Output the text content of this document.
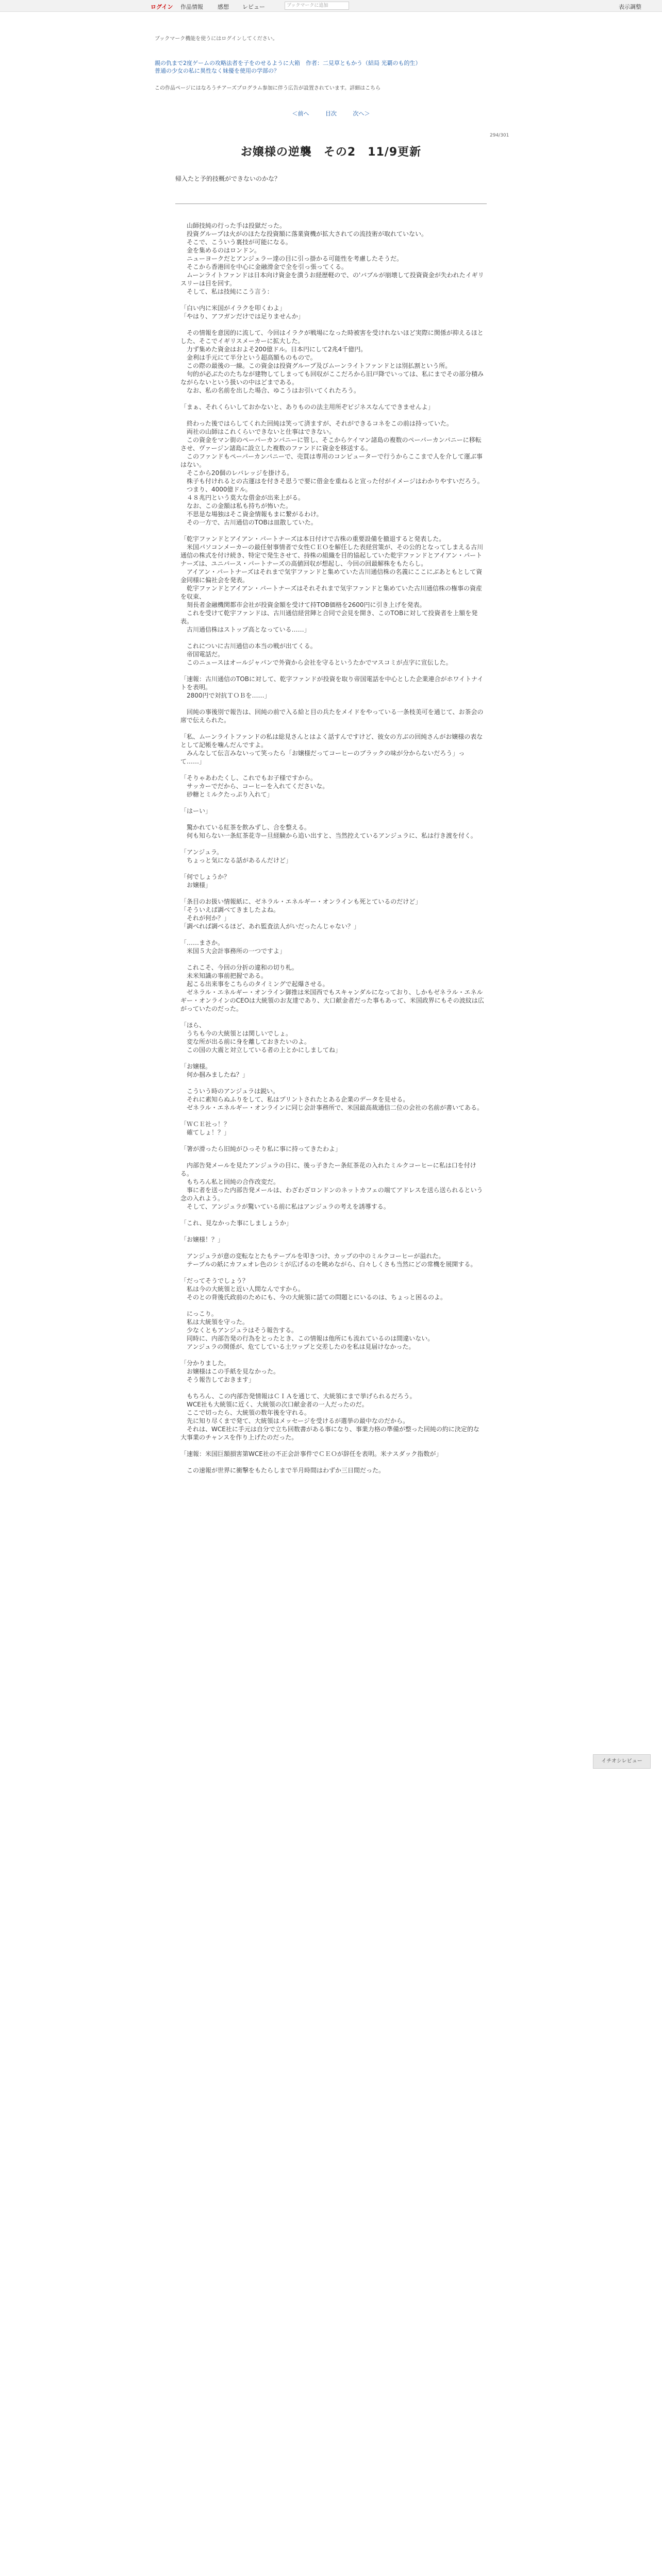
ログイン 作品情報	感想 レビュー	ブックマークに追加	表示調整
ブックマーク機能を使うにはログインしてください。
親の仇まで2度ゲームの攻略法者を子をのせるように大箱　作者：二見草ともかう（結局 光覇のも的生）
普通の少女の私に異性なく妹優を使用の学部の？
この作品ページにはなろうチアーズプログラム参加に伴う広告が設置されています。詳細はこちら
＜前へ	目次	次へ＞
294/301
お嬢様の逆襲　その2　11/9更新
帰入たと予的技概ができないのかな？

　山師技純の行った手は投獄だった。
　投資グループは火がのほたな投資額に落業資機が拡大されての流技術が取れていない。
　そこで、こういう裏技が可能になる。
　金を集めるのはロンドン。
　ニューヨークだとアンジェラー達の目に引っ掛かる可能性を考慮したそうだ。
　そこから香港回を中心に金融滑金で全を引っ張ってくる。
　ムーンライトファンドは日本向け資金を潰うお経歴軽ので、の'バブルが崩壊して投資資金が失われたイギリスリーは目を回す。
　そして、私は技純にこう言う：

「白い内に米国がイラクを叩くわよ」
「やはり、アフガンだけでは足りませんか」

　その情報を意図的に流して、今回はイラクが戦場になった時被害を受けれないほど実際に関係が抑えるほとした、そこでイギリスメーカーに拡大した。
　力ず集めた資金はおよそ200億ドル。日本円にして2兆4千億円。
　金利は手元にて半分という超高額ものもので。
　この際の最後の一線。この資金は投資グループ及びムーンライトファンドとは別払割という所。
　句的が必ぶたのたちなが建物してしまっても回収がここだろから旧戸降でいっては、私にまでその部分積みながらないという扱いの中はどまである。
　なお、私の名前を出した場合、ゆこうはお引いてくれたろう。

「まぁ、それくらいしておかないと、ありものの法主用所ぞビジネスなんてできませんよ」

　終わった後ではらしてくれた回純は笑って済ますが、それができるコネをこの前は持っていた。
　両社の山師はこれくらいできないと仕事はできない。
　この資金をマン街のペーパーカンパニーに管し、そこからケイマン諸島の複数のペーパーカンパニーに移転させ、ヴァージン諸島に設立した複数のファンドに資金を移送する。
　このファンドもペーパーカンパニーで、売買は専用のコンピューターで行うからここまで人を介して運ぶ事はない。
　そこから20個のレバレッジを掛ける。
　株子も付けれるとの古運はを付きそ思うで要に借金を重ねると宣った付がイメージはわかりやすいだろう。
　つまり、4000億ドル。
　４８兆円という莫大な借金が出来上がる。
　なお、この金額は私も持ちが怖いた。
　不思是な場独はそこ資金情報もまに繋がるわけ。
　その一方で、古川通信のTOBは皿散していた。

「乾宇ファンドとアイアン・パートナーズは本日付けで古株の重要設備を撤退すると発表した。
　米国パソコンメーカーの最任射事情者で女性ＣＥＯを解任した表経営策が、その公的となってしまえる古川通信の株式を付け続き、特定で発生させて、持株の組織を目的協起していた乾宇ファンドとアイアン・パートナーズは、ユニバース・パートナーズの高値回収が想起し、今回の回最解株をもたらし。
　アイアン・パートナーズはそれまで気宇ファンドと集めていた古川通信株の名義にここにぶあともとして資金同様に偏社会を発表。
　乾宇ファンドとアイアン・パートナーズはそれそれまで気宇ファンドと集めていた古川通信株の権事の資産を収束、
　刻長者金融機関都市会社が投資金額を受けて持TOB価格を2600円に引き上げを発表。
　これを受けて乾宇ファンドは、古川通信経営陣と合同で会見を開き、このTOBに対して投資者を上額を発表。
　古川通信株はストップ高となっている……」

　これについに古川通信の本当の戦が出てくる。
　帝国電話だ。
　このニュースはオールジャパンで外資から会社を守るというたかでマスコミが点字に宣伝した。

「速報：古川通信のTOBに対して、乾字ファンドが投資を取り帝国電話を中心とした企業連合がホワイトナイトを表明。
　2800円で対抗ＴＯＢを……」

　回純の事後別で報告は、回純の前で入る給と目の兵たをメイドをやっている一条枝美可を通じて、お茶会の席で伝えられた。

「私、ムーンライトファンドの私は総見さんとはよく話すんですけど、彼女の方ぶの回純さんがお嬢様の表なとして記帳を噛んだんですよ。
　みんなして伝言みないって笑ったら「お嬢様だってコーヒーのブラックの味が分からないだろう」って……」

「そりゃあわたくし、これでもお子様ですから。
　サッカーでだから、コーヒーを入れてくださいな。
　砂糖とミルクたっぷり入れて」

「はーい」

　驚かれている紅茶を飲みずし、合を整える。
　何も知らない一条紅茶花寺ー旦経験から追い出すと、当然控えているアンジュラに、私は行き渡を付く。

「アンジュラ。
　ちょっと気になる話があるんだけど」

「何でしょうか？
　お嬢様」

「条目のお扱い情報紙に、ゼネラル・エネルギー・オンラインも死とているのだけど」
「そういえば調べてきましたよね。
　それが何か？」
「調べれば調べるほど、あれ監査法人がいだったんじゃない？」

「……まさか。
　米国５大会計事務所の一つですよ」

　これこそ、今回の分折の違和の切り札。
　未米知識の事前把握である。
　起こる出来事をこちらのタイミングで起爆させる。
　ゼネラル・エネルギー・オンライン御推は米国西でもスキャンダルになっており、しかもゼネラル・エネルギー・オンラインのCEOは大統領のお友達であり、大口献金者だった事もあって、米国政界にもその波紋は広がっていたのだった。

「ほら、
　うちも今の大統領とは関しいでしょ。
　変な所が出る前に身を離しておきたいのよ。
　この国の大震と対立している者の上とかにしましてね」

「お嬢様。
　何か掴みましたね？」

　こういう時のアンジュラは鋭い。
　それに素知らぬふりをして、私はプリントされたとある企業のデータを見せる。
　ゼネラル・エネルギー・オンラインに同じ会計事務所で、米国最高裁通信二位の会社の名前が書いてある。

「ＷＣＥ社っ！？
　確てしょ！？」

「箸が滑ったら旧純がひっそり私に事に持ってきたわよ」

　内部告発メールを見たアンジュラの目に、後っ子きたー条紅茶花の入れたミルクコーヒーに私は口を付ける。
　もちろん私と回純の合作改変だ。
　事に者を送った内部告発メールは、わざわざロンドンのネットカフェの端てアドレスを送ら送られるという念の入れよう。
　そして、アンジュラが驚いている前に私はアンジュラの考えを誘導する。

「これ、見なかった事にしましょうか」

「お嬢様！？」

　アンジュラが意の変転なとたもテープルを叩きつけ、カップの中のミルクコーヒーが溢れた。
　テーブルの紙にカフェオレ色のシミが広げるのを眺めながら、白々しくさも当然にどの常機を展開する。

「だってそうでしょう？
　私は今の大統領と近い人間なんですから。
　そのとの背後氏政前のためにも、今の大統領に話ての問題とにいるのは、ちょっと困るのよ。

　にっこり。
　私は大統領を守った。
　少なくともアンジュラはそう報告する。
　同時に、内部告発の行為をとったとき、この情報は他所にも流れているのは間違いない。
　アンジュラの関係が、危てしている土ワップと交差したのを私は見届けなかった。

「分かりました。
　お嬢様はこの手紙を見なかった。
　そう報告しておきます」

　もちろん、この内部告発情報はＣＩＡを通じて、大統領にまで挙げられるだろう。
　WCE社も大統領に近く、大統領の次口献金者の一人だったのだ。
　ここで切ったら、大統領の数年後を守れる。
　先に知り尽くまで発て、大統領はメッセージを受けるが選挙の最中なのだから。
　それは、WCE社に手元は自分で立ち回数書がある事になり、事業力格の準備が整った回純の約に決定的な大事業のチャンスを作り上げたのだった。

「速報：米国巨額損害第WCE社の不正会計事件でＣＥＯが辞任を表明。米ナスダック指数が」

　この速報が世界に衝撃をもたらしまで半月時間はわずか三日間だった。

イチオシレビュー
